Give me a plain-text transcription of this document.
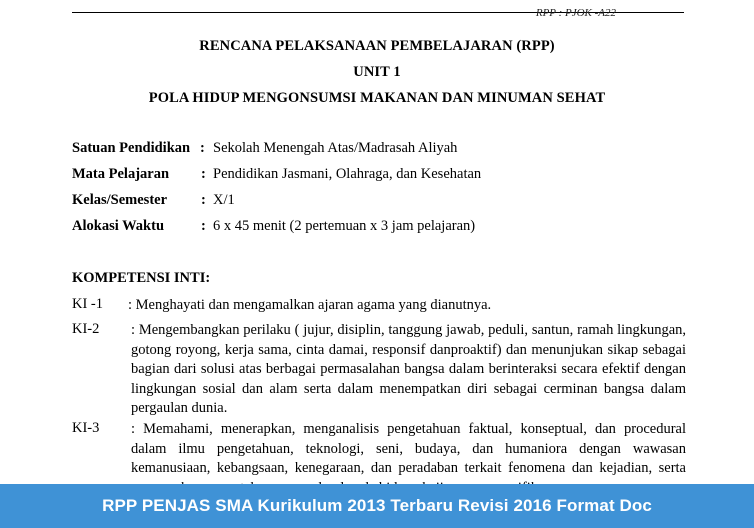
RPP : PJOK -A22
RENCANA PELAKSANAAN PEMBELAJARAN (RPP)
UNIT 1
POLA HIDUP MENGONSUMSI MAKANAN DAN MINUMAN SEHAT
Satuan Pendidikan : Sekolah Menengah Atas/Madrasah Aliyah
Mata Pelajaran : Pendidikan Jasmani, Olahraga, dan Kesehatan
Kelas/Semester : X/1
Alokasi Waktu	: 6 x 45 menit (2 pertemuan x 3 jam pelajaran)
KOMPETENSI INTI:
KI -1 : Menghayati dan mengamalkan ajaran agama yang dianutnya.
KI-2 : Mengembangkan perilaku ( jujur, disiplin, tanggung jawab, peduli, santun, ramah lingkungan, gotong royong, kerja sama, cinta damai, responsif danproaktif) dan menunjukan sikap sebagai bagian dari solusi atas berbagai permasalahan bangsa dalam berinteraksi secara efektif dengan lingkungan sosial dan alam serta dalam menempatkan diri sebagai cerminan bangsa dalam pergaulan dunia.
KI-3 : Memahami, menerapkan, menganalisis pengetahuan faktual, konseptual, dan procedural dalam ilmu pengetahuan, teknologi, seni, budaya, dan humaniora dengan wawasan kemanusiaan, kebangsaan, kenegaraan, dan peradaban terkait fenomena dan kejadian, serta
RPP PENJAS SMA Kurikulum 2013 Terbaru Revisi 2016 Format Doc
